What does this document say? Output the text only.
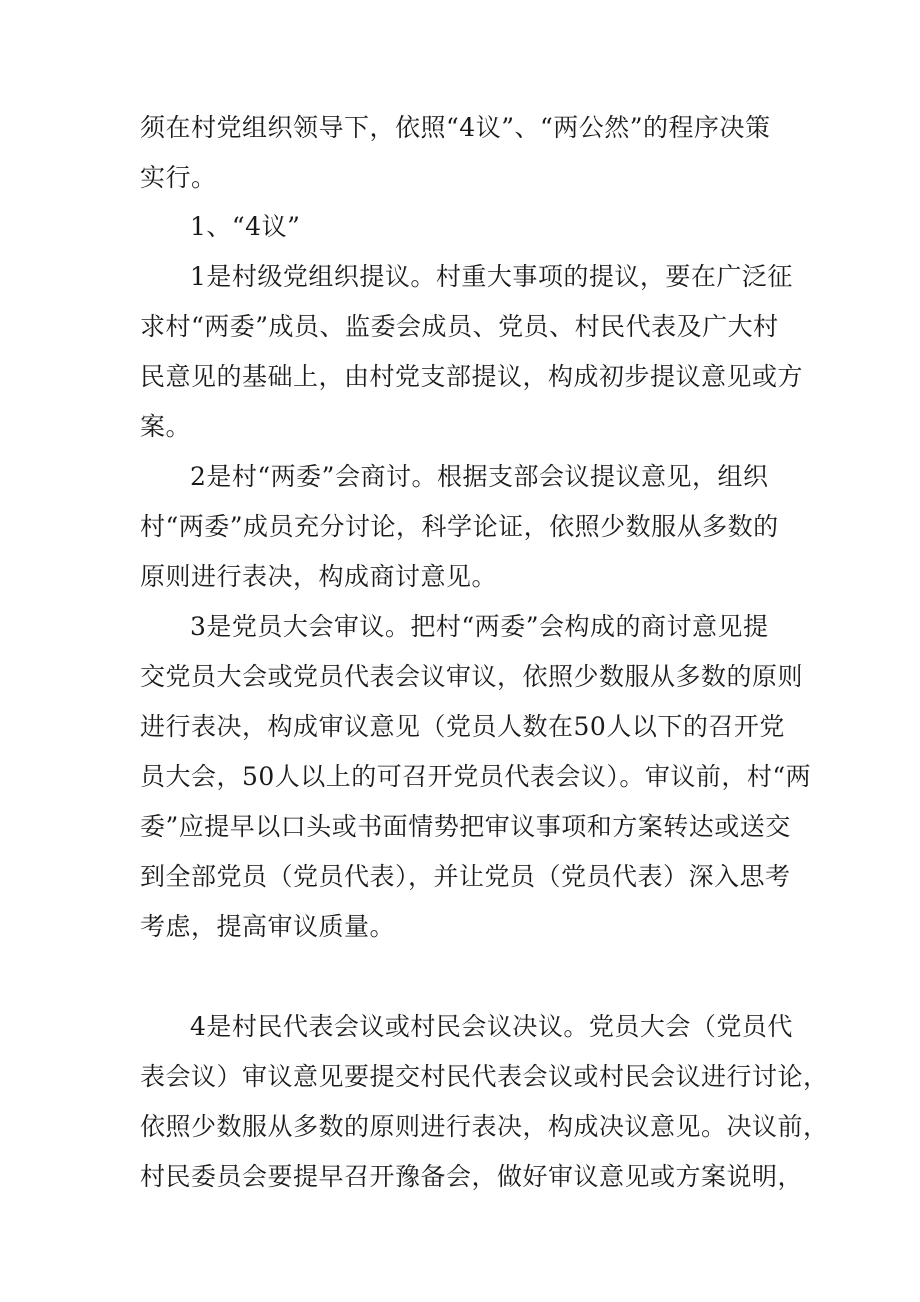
须在村党组织领导下，依照“4议”、“两公然”的程序决策
实行。
1、“4议”
1是村级党组织提议。村重大事项的提议，要在广泛征
求村“两委”成员、监委会成员、党员、村民代表及广大村
民意见的基础上，由村党支部提议，构成初步提议意见或方
案。
2是村“两委”会商讨。根据支部会议提议意见，组织
村“两委”成员充分讨论，科学论证，依照少数服从多数的
原则进行表决，构成商讨意见。
3是党员大会审议。把村“两委”会构成的商讨意见提
交党员大会或党员代表会议审议，依照少数服从多数的原则
进行表决，构成审议意见（党员人数在50人以下的召开党
员大会，50人以上的可召开党员代表会议）。审议前，村“两
委”应提早以口头或书面情势把审议事项和方案转达或送交
到全部党员（党员代表），并让党员（党员代表）深入思考
考虑，提高审议质量。
4是村民代表会议或村民会议决议。党员大会（党员代
表会议）审议意见要提交村民代表会议或村民会议进行讨论，
依照少数服从多数的原则进行表决，构成决议意见。决议前，
村民委员会要提早召开豫备会，做好审议意见或方案说明，
